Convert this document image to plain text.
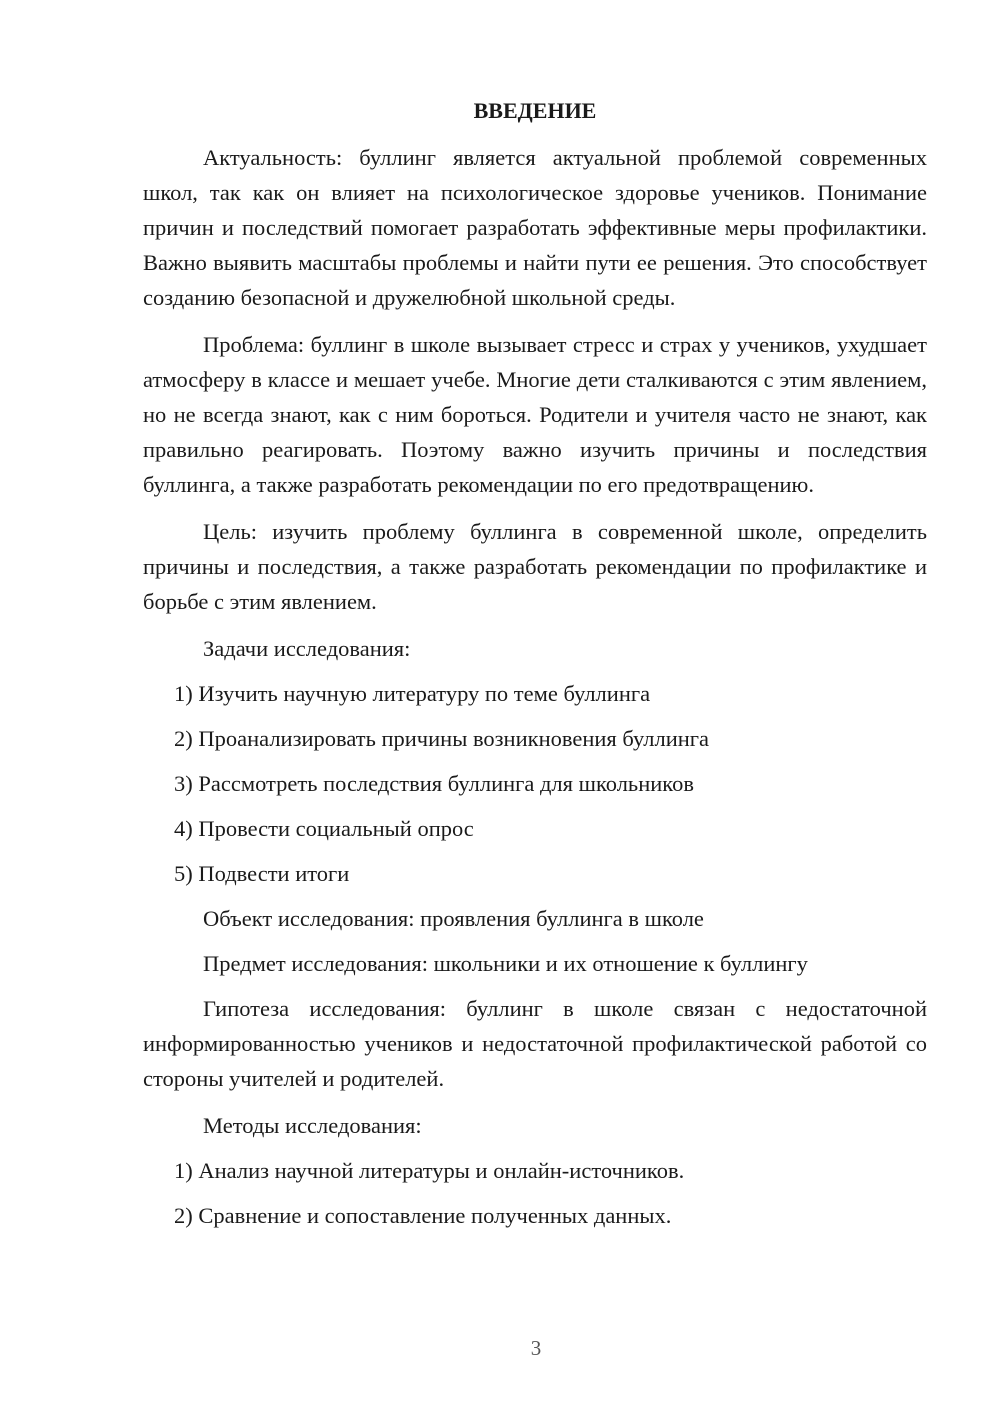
ВВЕДЕНИЕ

Актуальность: буллинг является актуальной проблемой современных школ, так как он влияет на психологическое здоровье учеников. Понимание причин и последствий помогает разработать эффективные меры профилактики. Важно выявить масштабы проблемы и найти пути ее решения. Это способствует созданию безопасной и дружелюбной школьной среды.

Проблема: буллинг в школе вызывает стресс и страх у учеников, ухудшает атмосферу в классе и мешает учебе. Многие дети сталкиваются с этим явлением, но не всегда знают, как с ним бороться. Родители и учителя часто не знают, как правильно реагировать. Поэтому важно изучить причины и последствия буллинга, а также разработать рекомендации по его предотвращению.

Цель: изучить проблему буллинга в современной школе, определить причины и последствия, а также разработать рекомендации по профилактике и борьбе с этим явлением.

Задачи исследования:
1) Изучить научную литературу по теме буллинга
2) Проанализировать причины возникновения буллинга
3) Рассмотреть последствия буллинга для школьников
4) Провести социальный опрос
5) Подвести итоги
Объект исследования: проявления буллинга в школе
Предмет исследования: школьники и их отношение к буллингу

Гипотеза исследования: буллинг в школе связан с недостаточной информированностью учеников и недостаточной профилактической работой со стороны учителей и родителей.

Методы исследования:
1) Анализ научной литературы и онлайн-источников.
2) Сравнение и сопоставление полученных данных.
3
